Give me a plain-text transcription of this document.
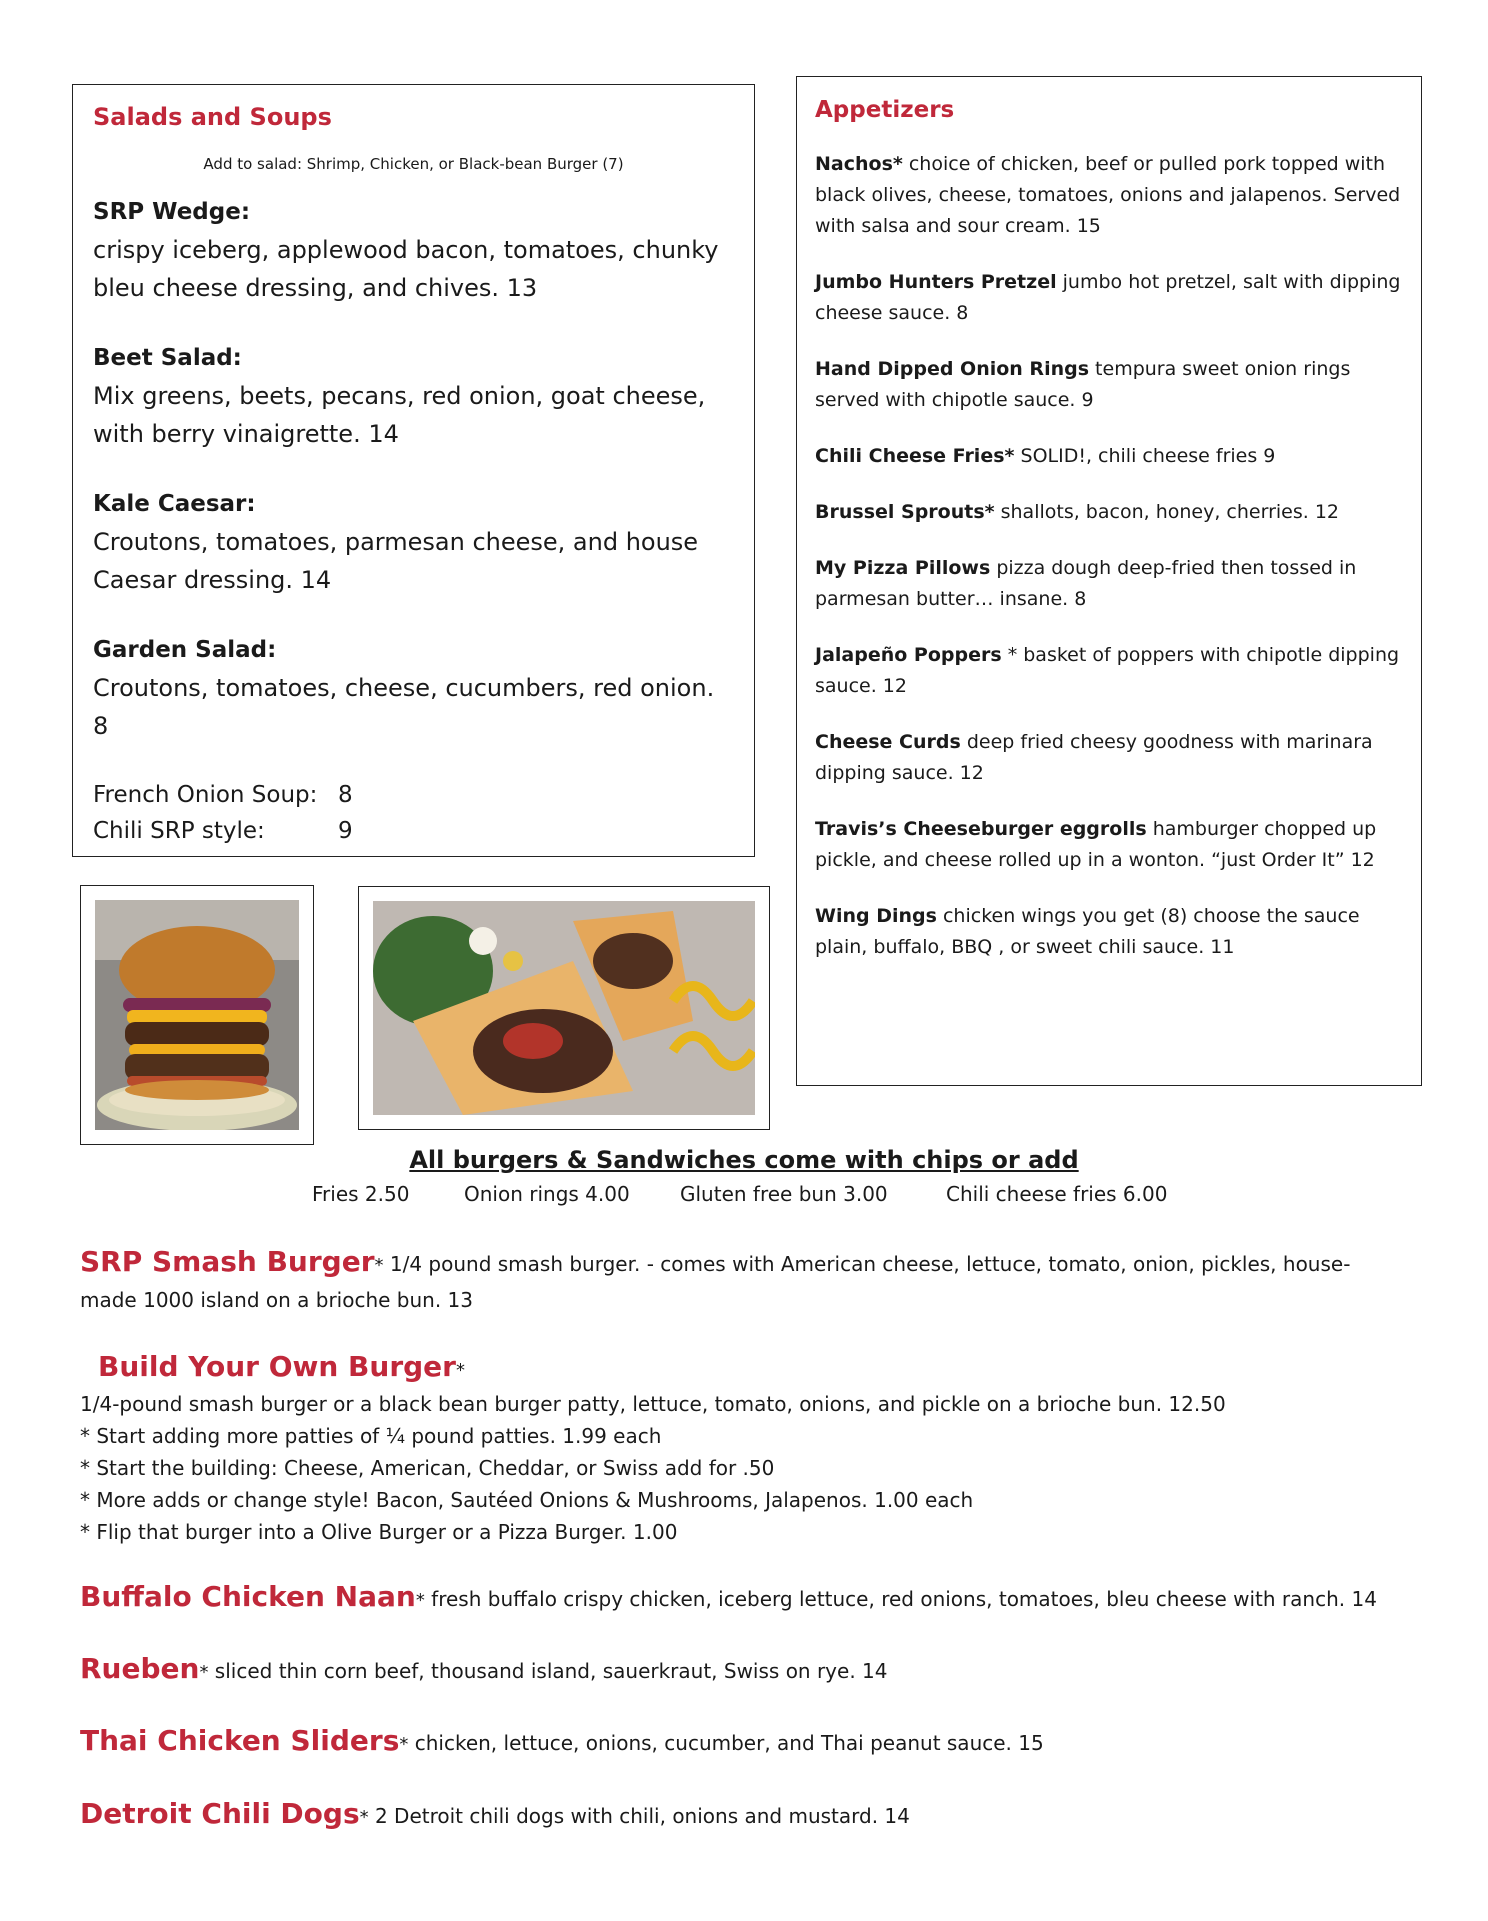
Salads and Soups
Add to salad: Shrimp, Chicken, or Black-bean Burger (7)
SRP Wedge:
crispy iceberg, applewood bacon, tomatoes, chunky bleu cheese dressing, and chives. 13
Beet Salad:
Mix greens, beets, pecans, red onion, goat cheese, with berry vinaigrette. 14
Kale Caesar:
Croutons, tomatoes, parmesan cheese, and house Caesar dressing. 14
Garden Salad:
Croutons, tomatoes, cheese, cucumbers, red onion. 8
French Onion Soup: 8
Chili SRP style:	9
Appetizers
Nachos* choice of chicken, beef or pulled pork topped with black olives, cheese, tomatoes, onions and jalapenos. Served with salsa and sour cream. 15
Jumbo Hunters Pretzel jumbo hot pretzel, salt with dipping cheese sauce. 8
Hand Dipped Onion Rings tempura sweet onion rings served with chipotle sauce. 9
Chili Cheese Fries* SOLID!, chili cheese fries 9
Brussel Sprouts* shallots, bacon, honey, cherries. 12
My Pizza Pillows pizza dough deep-fried then tossed in parmesan butter… insane. 8
Jalapeño Poppers * basket of poppers with chipotle dipping sauce. 12
Cheese Curds deep fried cheesy goodness with marinara dipping sauce. 12
Travis’s Cheeseburger eggrolls hamburger chopped up pickle, and cheese rolled up in a wonton. “just Order It” 12
Wing Dings chicken wings you get (8) choose the sauce plain, buffalo, BBQ , or sweet chili sauce. 11
All burgers & Sandwiches come with chips or add
Fries 2.50	Onion rings 4.00	Gluten free bun 3.00	Chili cheese fries 6.00
SRP Smash Burger* 1/4 pound smash burger. - comes with American cheese, lettuce, tomato, onion, pickles, house-made 1000 island on a brioche bun. 13
Build Your Own Burger*
1/4-pound smash burger or a black bean burger patty, lettuce, tomato, onions, and pickle on a brioche bun. 12.50
* Start adding more patties of ¼ pound patties. 1.99 each
* Start the building: Cheese, American, Cheddar, or Swiss add for .50
* More adds or change style! Bacon, Sautéed Onions & Mushrooms, Jalapenos. 1.00 each
* Flip that burger into a Olive Burger or a Pizza Burger. 1.00
Buffalo Chicken Naan* fresh buffalo crispy chicken, iceberg lettuce, red onions, tomatoes, bleu cheese with ranch. 14
Rueben* sliced thin corn beef, thousand island, sauerkraut, Swiss on rye. 14
Thai Chicken Sliders* chicken, lettuce, onions, cucumber, and Thai peanut sauce. 15
Detroit Chili Dogs* 2 Detroit chili dogs with chili, onions and mustard. 14
